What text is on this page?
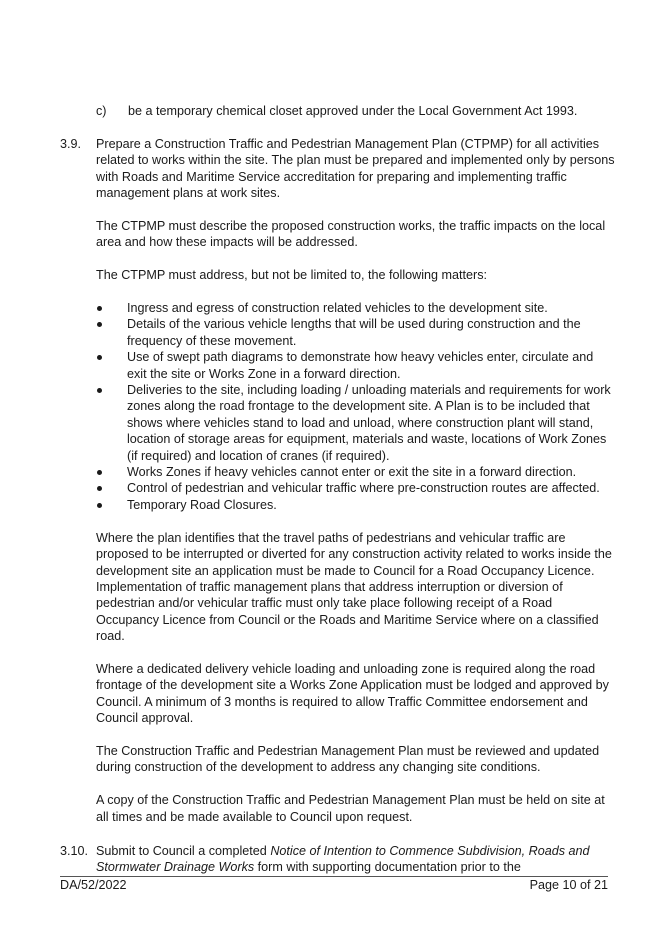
c) be a temporary chemical closet approved under the Local Government Act 1993.
3.9. Prepare a Construction Traffic and Pedestrian Management Plan (CTPMP) for all activities related to works within the site. The plan must be prepared and implemented only by persons with Roads and Maritime Service accreditation for preparing and implementing traffic management plans at work sites.

The CTPMP must describe the proposed construction works, the traffic impacts on the local area and how these impacts will be addressed.

The CTPMP must address, but not be limited to, the following matters:

Ingress and egress of construction related vehicles to the development site.
Details of the various vehicle lengths that will be used during construction and the frequency of these movement.
Use of swept path diagrams to demonstrate how heavy vehicles enter, circulate and exit the site or Works Zone in a forward direction.
Deliveries to the site, including loading / unloading materials and requirements for work zones along the road frontage to the development site. A Plan is to be included that shows where vehicles stand to load and unload, where construction plant will stand, location of storage areas for equipment, materials and waste, locations of Work Zones (if required) and location of cranes (if required).
Works Zones if heavy vehicles cannot enter or exit the site in a forward direction.
Control of pedestrian and vehicular traffic where pre-construction routes are affected.
Temporary Road Closures.

Where the plan identifies that the travel paths of pedestrians and vehicular traffic are proposed to be interrupted or diverted for any construction activity related to works inside the development site an application must be made to Council for a Road Occupancy Licence. Implementation of traffic management plans that address interruption or diversion of pedestrian and/or vehicular traffic must only take place following receipt of a Road Occupancy Licence from Council or the Roads and Maritime Service where on a classified road.

Where a dedicated delivery vehicle loading and unloading zone is required along the road frontage of the development site a Works Zone Application must be lodged and approved by Council. A minimum of 3 months is required to allow Traffic Committee endorsement and Council approval.

The Construction Traffic and Pedestrian Management Plan must be reviewed and updated during construction of the development to address any changing site conditions.

A copy of the Construction Traffic and Pedestrian Management Plan must be held on site at all times and be made available to Council upon request.

3.10. Submit to Council a completed Notice of Intention to Commence Subdivision, Roads and Stormwater Drainage Works form with supporting documentation prior to the

DA/52/2022	Page 10 of 21
